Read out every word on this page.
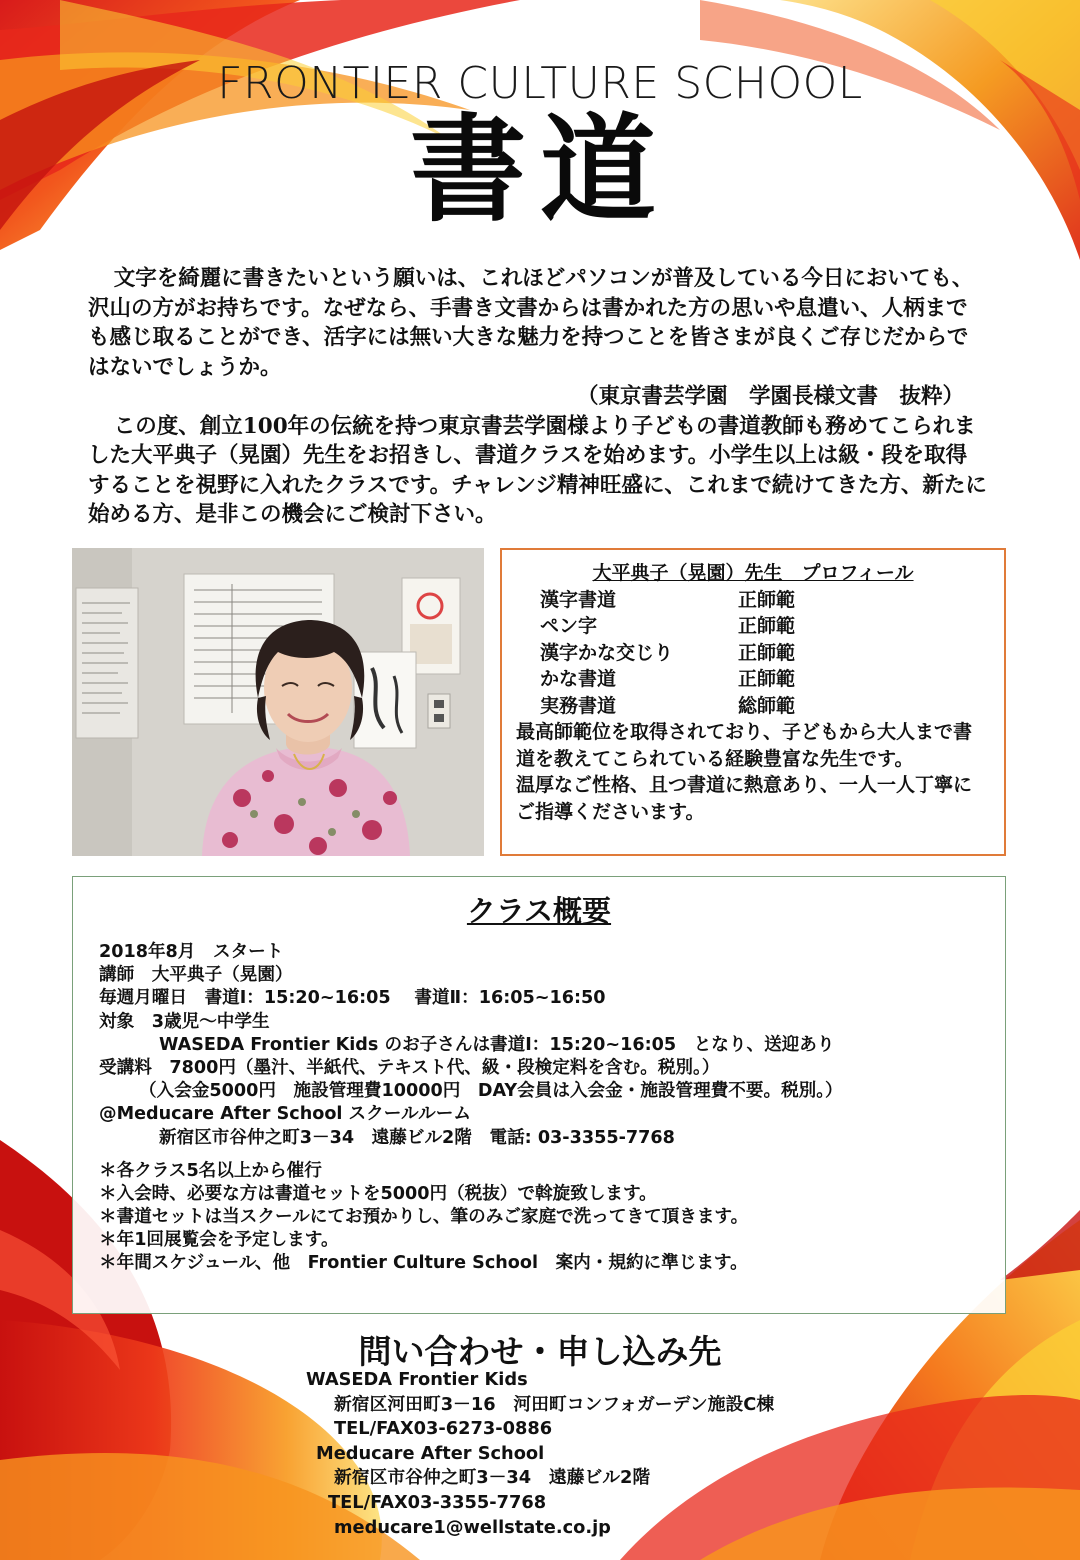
FRONTIER CULTURE SCHOOL
書道

文字を綺麗に書きたいという願いは、これほどパソコンが普及している今日においても、沢山の方がお持ちです。なぜなら、手書き文書からは書かれた方の思いや息遣い、人柄までも感じ取ることができ、活字には無い大きな魅力を持つことを皆さまが良くご存じだからではないでしょうか。

（東京書芸学園　学園長様文書　抜粋）

この度、創立100年の伝統を持つ東京書芸学園様より子どもの書道教師も務めてこられました大平典子（晃園）先生をお招きし、書道クラスを始めます。小学生以上は級・段を取得することを視野に入れたクラスです。チャレンジ精神旺盛に、これまで続けてきた方、新たに始める方、是非この機会にご検討下さい。

大平典子（晃園）先生　プロフィール
漢字書道	正師範
ペン字	正師範
漢字かな交じり	正師範
かな書道	正師範
実務書道	総師範

最高師範位を取得されており、子どもから大人まで書道を教えてこられている経験豊富な先生です。

温厚なご性格、且つ書道に熱意あり、一人一人丁寧にご指導くださいます。

クラス概要
2018年8月　スタート
講師　大平典子（晃園）
毎週月曜日　書道Ⅰ：15:20~16:05　 書道Ⅱ：16:05~16:50
対象　3歳児～中学生
WASEDA Frontier Kids のお子さんは書道Ⅰ：15:20~16:05　となり、送迎あり
受講料　7800円（墨汁、半紙代、テキスト代、級・段検定料を含む。税別。）
（入会金5000円　施設管理費10000円　DAY会員は入会金・施設管理費不要。税別。）
@Meducare After School スクールルーム
新宿区市谷仲之町3－34　遠藤ビル2階　電話: 03-3355-7768
＊各クラス5名以上から催行
＊入会時、必要な方は書道セットを5000円（税抜）で斡旋致します。
＊書道セットは当スクールにてお預かりし、筆のみご家庭で洗ってきて頂きます。
＊年1回展覧会を予定します。
＊年間スケジュール、他　Frontier Culture School　案内・規約に準じます。
問い合わせ・申し込み先
WASEDA Frontier Kids
新宿区河田町3－16　河田町コンフォガーデン施設C棟
TEL/FAX03-6273-0886
Meducare After School
新宿区市谷仲之町3－34　遠藤ビル2階
TEL/FAX03-3355-7768
meducare1@wellstate.co.jp
